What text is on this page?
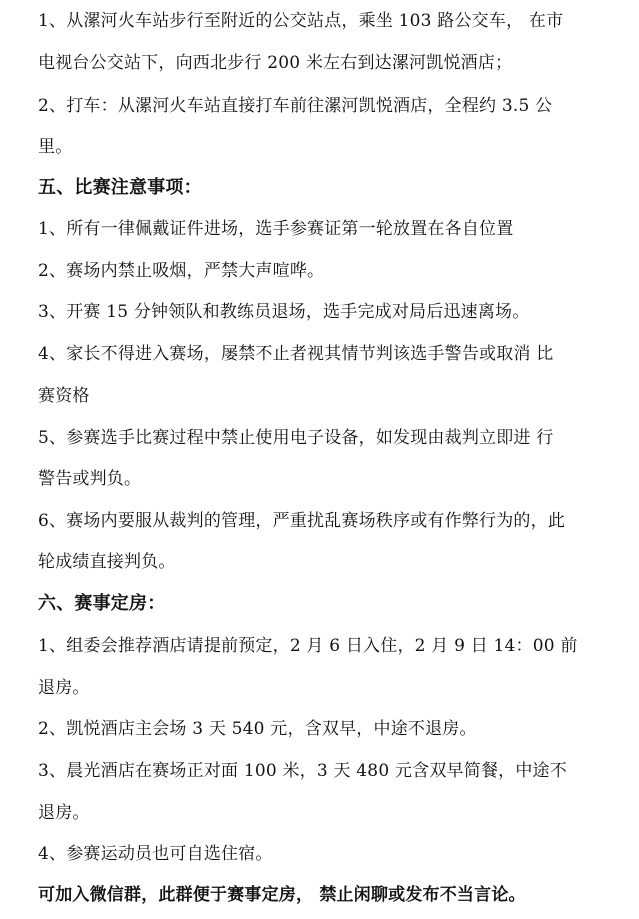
1、从漯河火车站步行至附近的公交站点，乘坐 103 路公交车， 在市
电视台公交站下，向西北步行 200 米左右到达漯河凯悦酒店；
2、打车：从漯河火车站直接打车前往漯河凯悦酒店，全程约 3.5 公
里。
五、比赛注意事项：
1、所有一律佩戴证件进场，选手参赛证第一轮放置在各自位置
2、赛场内禁止吸烟，严禁大声喧哗。
3、开赛 15 分钟领队和教练员退场，选手完成对局后迅速离场。
4、家长不得进入赛场，屡禁不止者视其情节判该选手警告或取消 比
赛资格
5、参赛选手比赛过程中禁止使用电子设备，如发现由裁判立即进 行
警告或判负。
6、赛场内要服从裁判的管理，严重扰乱赛场秩序或有作弊行为的，此
轮成绩直接判负。
六、赛事定房：
1、组委会推荐酒店请提前预定，2 月 6 日入住，2 月 9 日 14：00 前
退房。
2、凯悦酒店主会场 3 天 540 元，含双早，中途不退房。
3、晨光酒店在赛场正对面 100 米，3 天 480 元含双早简餐，中途不
退房。
4、参赛运动员也可自选住宿。
可加入微信群，此群便于赛事定房， 禁止闲聊或发布不当言论。
